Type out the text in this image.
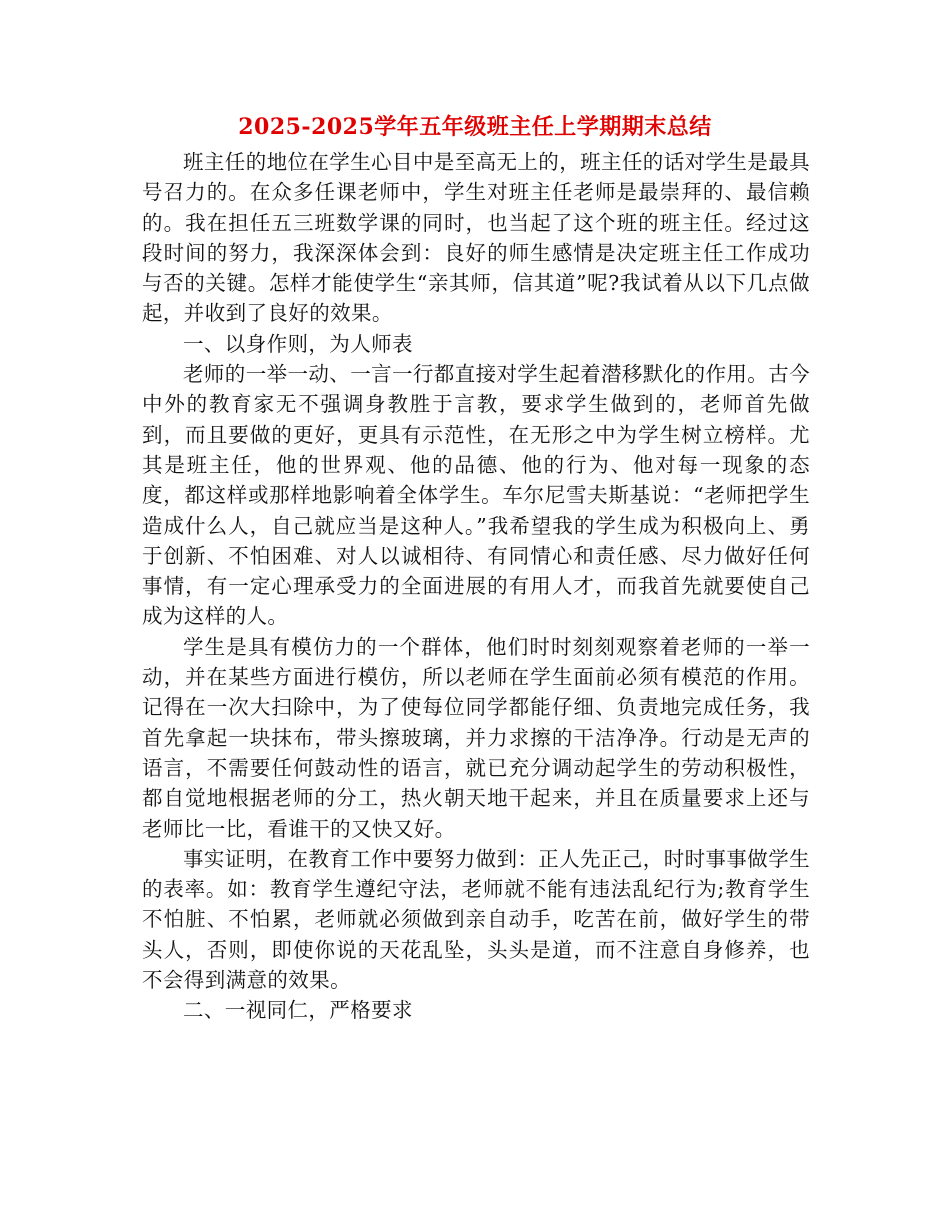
2025-2025学年五年级班主任上学期期末总结

班主任的地位在学生心目中是至高无上的，班主任的话对学生是最具号召力的。在众多任课老师中，学生对班主任老师是最崇拜的、最信赖的。我在担任五三班数学课的同时，也当起了这个班的班主任。经过这段时间的努力，我深深体会到：良好的师生感情是决定班主任工作成功与否的关键。怎样才能使学生“亲其师，信其道”呢?我试着从以下几点做起，并收到了良好的效果。

一、以身作则，为人师表

老师的一举一动、一言一行都直接对学生起着潜移默化的作用。古今中外的教育家无不强调身教胜于言教，要求学生做到的，老师首先做到，而且要做的更好，更具有示范性，在无形之中为学生树立榜样。尤其是班主任，他的世界观、他的品德、他的行为、他对每一现象的态度，都这样或那样地影响着全体学生。车尔尼雪夫斯基说：“老师把学生造成什么人，自己就应当是这种人。”我希望我的学生成为积极向上、勇于创新、不怕困难、对人以诚相待、有同情心和责任感、尽力做好任何事情，有一定心理承受力的全面进展的有用人才，而我首先就要使自己成为这样的人。

学生是具有模仿力的一个群体，他们时时刻刻观察着老师的一举一动，并在某些方面进行模仿，所以老师在学生面前必须有模范的作用。记得在一次大扫除中，为了使每位同学都能仔细、负责地完成任务，我首先拿起一块抹布，带头擦玻璃，并力求擦的干洁净净。行动是无声的语言，不需要任何鼓动性的语言，就已充分调动起学生的劳动积极性，都自觉地根据老师的分工，热火朝天地干起来，并且在质量要求上还与老师比一比，看谁干的又快又好。

事实证明，在教育工作中要努力做到：正人先正己，时时事事做学生的表率。如：教育学生遵纪守法，老师就不能有违法乱纪行为;教育学生不怕脏、不怕累，老师就必须做到亲自动手，吃苦在前，做好学生的带头人，否则，即使你说的天花乱坠，头头是道，而不注意自身修养，也不会得到满意的效果。

二、一视同仁，严格要求
